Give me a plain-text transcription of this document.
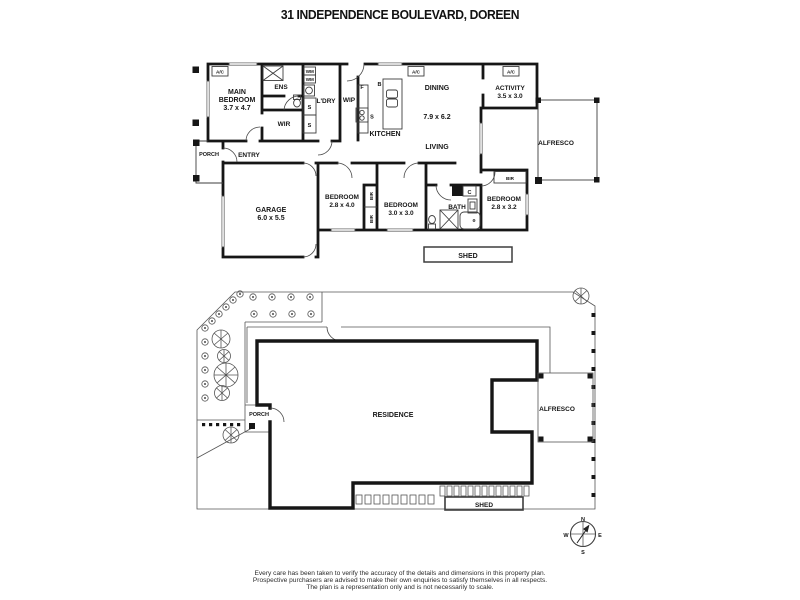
31 INDEPENDENCE BOULEVARD, DOREEN
A/C	A/C	A/C
WM
WM
S
S
S
F	B
C
BIR
BIR
BIR
MAIN
BEDROOM
3.7 x 4.7
ENS
WIR
L'DRY WIP
KITCHEN
DINING
7.9 x 6.2
LIVING
ACTIVITY
3.5 x 3.0
ALFRESCO
PORCH	ENTRY
GARAGE
6.0 x 5.5
BEDROOM
2.8 x 4.0	BEDROOM
3.0 x 3.0
BATH
BEDROOM
2.8 x 3.2
SHED
RESIDENCE
ALFRESCO
PORCH
SHED
N
E
W
S
Every care has been taken to verify the accuracy of the details and dimensions in this property plan.
Prospective purchasers are advised to make their own enquiries to satisfy themselves in all respects.
The plan is a representation only and is not necessarily to scale.
